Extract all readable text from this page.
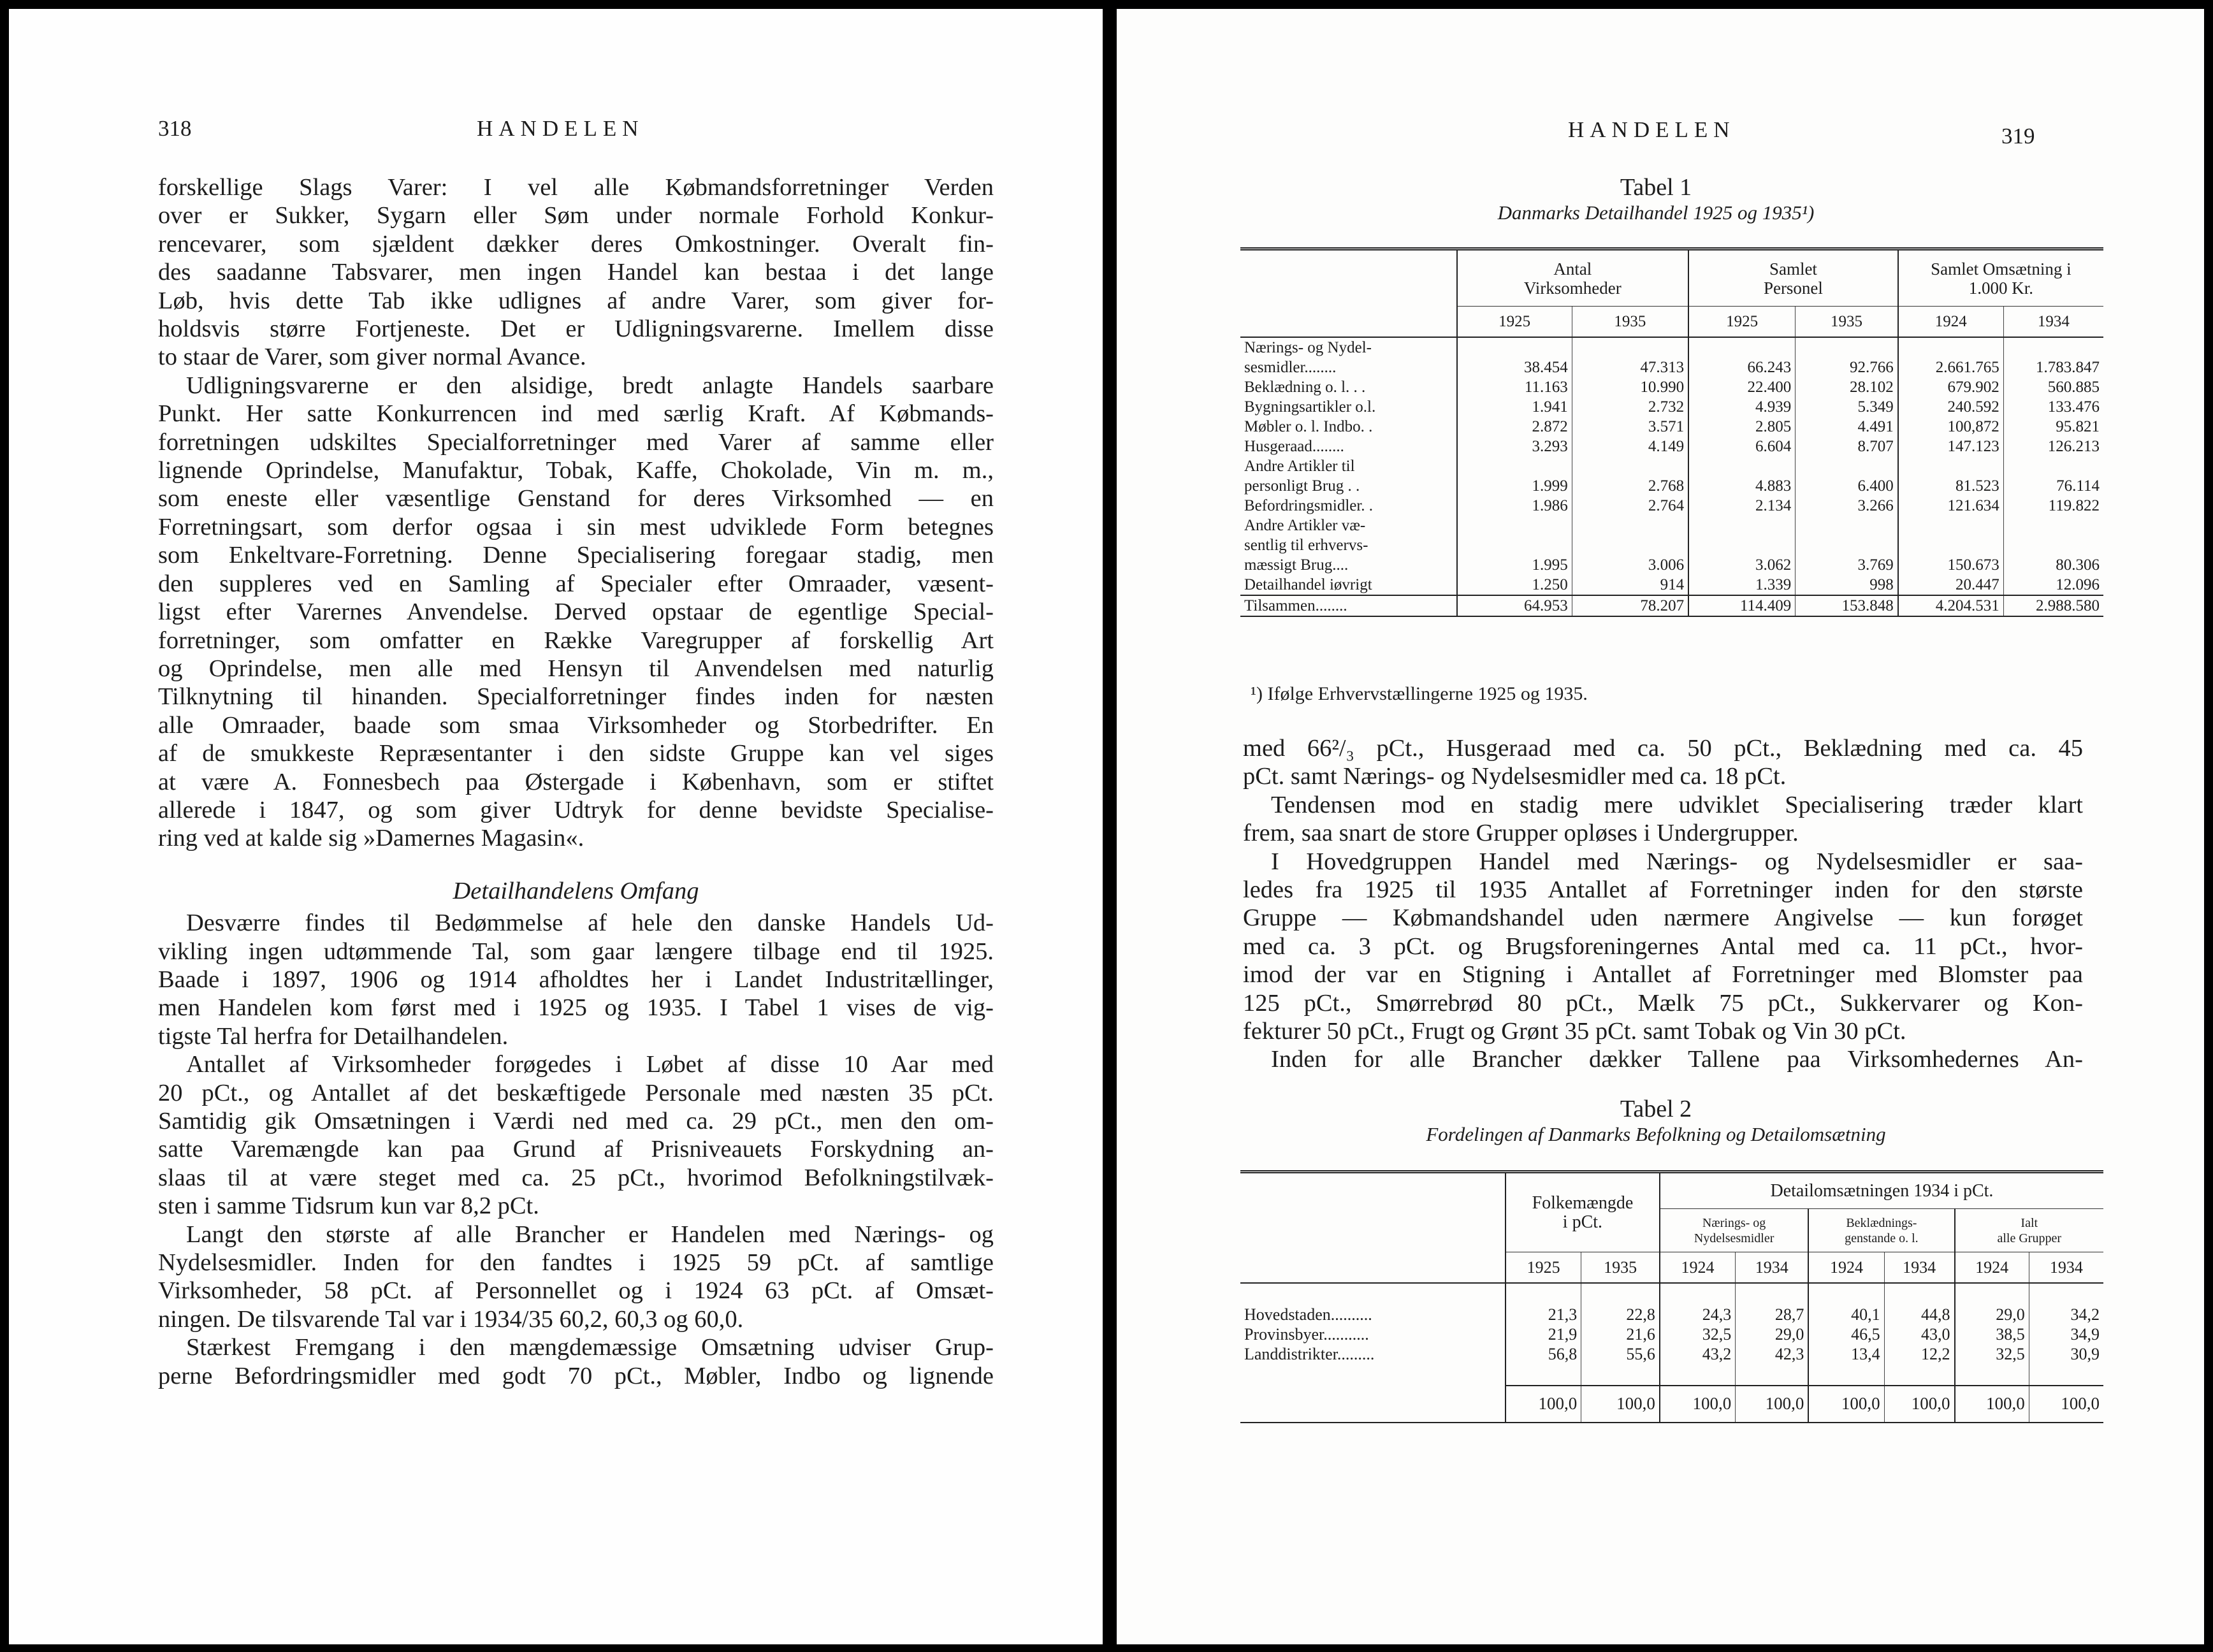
318	HANDELEN

forskellige Slags Varer: I vel alle Købmandsforretninger Verden

over er Sukker, Sygarn eller Søm under normale Forhold Konkur-

rencevarer, som sjældent dækker deres Omkostninger. Overalt fin-

des saadanne Tabsvarer, men ingen Handel kan bestaa i det lange

Løb, hvis dette Tab ikke udlignes af andre Varer, som giver for-

holdsvis større Fortjeneste. Det er Udligningsvarerne. Imellem disse

to staar de Varer, som giver normal Avance.

Udligningsvarerne er den alsidige, bredt anlagte Handels saarbare

Punkt. Her satte Konkurrencen ind med særlig Kraft. Af Købmands-

forretningen udskiltes Specialforretninger med Varer af samme eller

lignende Oprindelse, Manufaktur, Tobak, Kaffe, Chokolade, Vin m. m.,

som eneste eller væsentlige Genstand for deres Virksomhed — en

Forretningsart, som derfor ogsaa i sin mest udviklede Form betegnes

som Enkeltvare-Forretning. Denne Specialisering foregaar stadig, men

den suppleres ved en Samling af Specialer efter Omraader, væsent-

ligst efter Varernes Anvendelse. Derved opstaar de egentlige Special-

forretninger, som omfatter en Række Varegrupper af forskellig Art

og Oprindelse, men alle med Hensyn til Anvendelsen med naturlig

Tilknytning til hinanden. Specialforretninger findes inden for næsten

alle Omraader, baade som smaa Virksomheder og Storbedrifter. En

af de smukkeste Repræsentanter i den sidste Gruppe kan vel siges

at være A. Fonnesbech paa Østergade i København, som er stiftet

allerede i 1847, og som giver Udtryk for denne bevidste Specialise-

ring ved at kalde sig »Damernes Magasin«.

Detailhandelens Omfang

Desværre findes til Bedømmelse af hele den danske Handels Ud-

vikling ingen udtømmende Tal, som gaar længere tilbage end til 1925.

Baade i 1897, 1906 og 1914 afholdtes her i Landet Industritællinger,

men Handelen kom først med i 1925 og 1935. I Tabel 1 vises de vig-

tigste Tal herfra for Detailhandelen.

Antallet af Virksomheder forøgedes i Løbet af disse 10 Aar med

20 pCt., og Antallet af det beskæftigede Personale med næsten 35 pCt.

Samtidig gik Omsætningen i Værdi ned med ca. 29 pCt., men den om-

satte Varemængde kan paa Grund af Prisniveauets Forskydning an-

slaas til at være steget med ca. 25 pCt., hvorimod Befolkningstilvæk-

sten i samme Tidsrum kun var 8,2 pCt.

Langt den største af alle Brancher er Handelen med Nærings- og

Nydelsesmidler. Inden for den fandtes i 1925 59 pCt. af samtlige

Virksomheder, 58 pCt. af Personnellet og i 1924 63 pCt. af Omsæt-

ningen. De tilsvarende Tal var i 1934/35 60,2, 60,3 og 60,0.

Stærkest Fremgang i den mængdemæssige Omsætning udviser Grup-

perne Befordringsmidler med godt 70 pCt., Møbler, Indbo og lignende

HANDELEN	319
Tabel 1
Danmarks Detailhandel 1925 og 1935¹)
	Antal Virksomheder		Samlet Personel		Samlet Omsætning i 1.000 Kr.	
	1925	1935	1925	1935	1924	1934
Nærings- og Nydel-
sesmidler........	38.454	47.313	66.243	92.766	2.661.765	1.783.847
Beklædning o. l. . .	11.163	10.990	22.400	28.102	679.902	560.885
Bygningsartikler o.l.	1.941	2.732	4.939	5.349	240.592	133.476
Møbler o. l. Indbo. .	2.872	3.571	2.805	4.491	100,872	95.821
Husgeraad........	3.293	4.149	6.604	8.707	147.123	126.213
Andre Artikler til
personligt Brug . .	1.999	2.768	4.883	6.400	81.523	76.114
Befordringsmidler. .	1.986	2.764	2.134	3.266	121.634	119.822
Andre Artikler væ-
sentlig til erhvervs-
mæssigt Brug....	1.995	3.006	3.062	3.769	150.673	80.306
Detailhandel iøvrigt	1.250	914	1.339	998	20.447	12.096
Tilsammen........	64.953	78.207	114.409	153.848	4.204.531	2.988.580
¹) Ifølge Erhvervstællingerne 1925 og 1935.

med 66²/₃ pCt., Husgeraad med ca. 50 pCt., Beklædning med ca. 45

pCt. samt Nærings- og Nydelsesmidler med ca. 18 pCt.

Tendensen mod en stadig mere udviklet Specialisering træder klart

frem, saa snart de store Grupper opløses i Undergrupper.

I Hovedgruppen Handel med Nærings- og Nydelsesmidler er saa-

ledes fra 1925 til 1935 Antallet af Forretninger inden for den største

Gruppe — Købmandshandel uden nærmere Angivelse — kun forøget

med ca. 3 pCt. og Brugsforeningernes Antal med ca. 11 pCt., hvor-

imod der var en Stigning i Antallet af Forretninger med Blomster paa

125 pCt., Smørrebrød 80 pCt., Mælk 75 pCt., Sukkervarer og Kon-

fekturer 50 pCt., Frugt og Grønt 35 pCt. samt Tobak og Vin 30 pCt.

Inden for alle Brancher dækker Tallene paa Virksomhedernes An-

Tabel 2
Fordelingen af Danmarks Befolkning og Detailomsætning
	Folkemængde
i pCt.		Detailomsætningen 1934 i pCt.					
			Nærings- og
Nydelsesmidler		Beklædnings-
genstande o. l.		Ialt
alle Grupper	
	1925	1935	1924	1934	1924	1934	1924	1934

Hovedstaden..........	21,3	22,8	24,3	28,7	40,1	44,8	29,0	34,2
Provinsbyer...........	21,9	21,6	32,5	29,0	46,5	43,0	38,5	34,9
Landdistrikter.........	56,8	55,6	43,2	42,3	13,4	12,2	32,5	30,9

	100,0	100,0	100,0	100,0	100,0	100,0	100,0	100,0
